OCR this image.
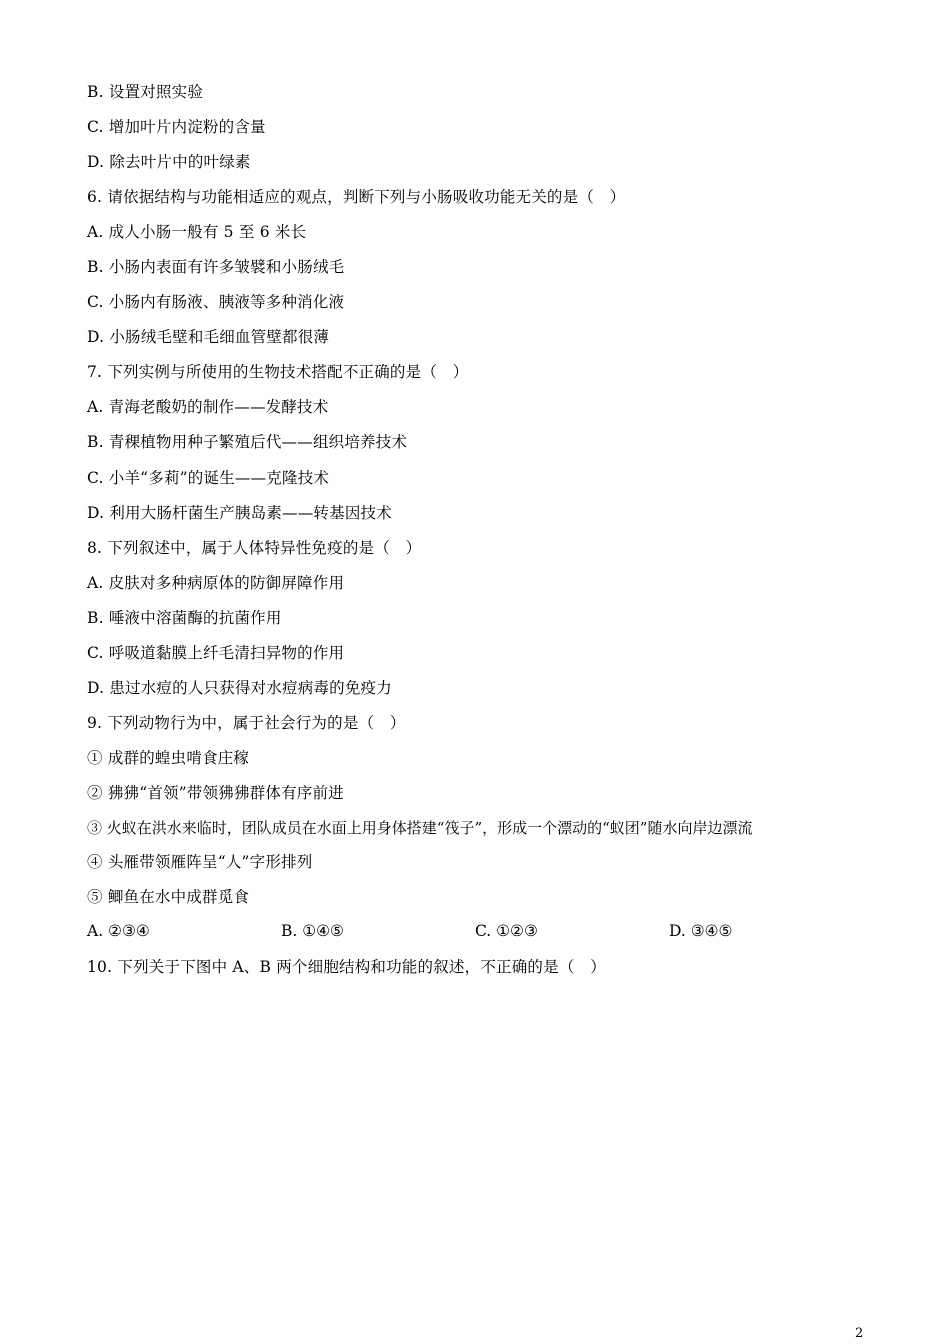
B. 设置对照实验
C. 增加叶片内淀粉的含量
D. 除去叶片中的叶绿素
6. 请依据结构与功能相适应的观点，判断下列与小肠吸收功能无关的是（　）
A. 成人小肠一般有 5 至 6 米长
B. 小肠内表面有许多皱襞和小肠绒毛
C. 小肠内有肠液、胰液等多种消化液
D. 小肠绒毛壁和毛细血管壁都很薄
7. 下列实例与所使用的生物技术搭配不正确的是（　）
A. 青海老酸奶的制作——发酵技术
B. 青稞植物用种子繁殖后代——组织培养技术
C. 小羊“多莉”的诞生——克隆技术
D. 利用大肠杆菌生产胰岛素——转基因技术
8. 下列叙述中，属于人体特异性免疫的是（　）
A. 皮肤对多种病原体的防御屏障作用
B. 唾液中溶菌酶的抗菌作用
C. 呼吸道黏膜上纤毛清扫异物的作用
D. 患过水痘的人只获得对水痘病毒的免疫力
9. 下列动物行为中，属于社会行为的是（　）
① 成群的蝗虫啃食庄稼
② 狒狒“首领”带领狒狒群体有序前进
③ 火蚁在洪水来临时，团队成员在水面上用身体搭建“筏子”，形成一个漂动的“蚁团”随水向岸边漂流
④ 头雁带领雁阵呈“人”字形排列
⑤ 鲫鱼在水中成群觅食
A. ②③④	B. ①④⑤	C. ①②③	D. ③④⑤
10. 下列关于下图中 A、B 两个细胞结构和功能的叙述，不正确的是（　）
2
